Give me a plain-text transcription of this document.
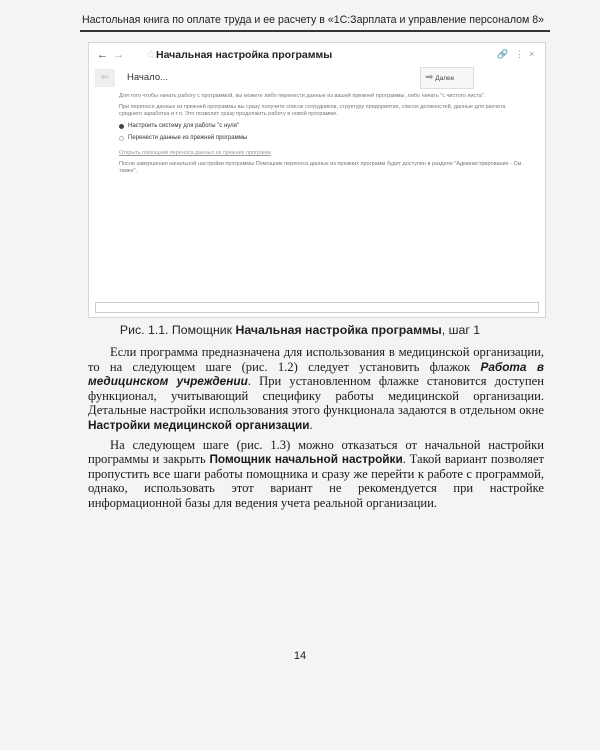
Настольная книга по оплате труда и ее расчету в «1С:Зарплата и управление персоналом 8»
← → ☆ Начальная настройка программы	🔗 ⋮ ×
⇐	Начало...	➡ Далее
Для того чтобы начать работу с программой, вы можете либо перенести данные из вашей прежней программы, либо начать "с чистого листа".
При переносе данных из прежней программы вы сразу получите список сотрудников, структуру предприятия, список должностей, данные для расчета среднего заработка и т.п. Это позволит сразу продолжить работу в новой программе.
Настроить систему для работы "с нуля"
Перенести данные из прежней программы
Открыть помощник переноса данных из прежних программ
После завершения начальной настройки программы Помощник переноса данных из прежних программ будет доступен в разделе "Администрирование - См. также".
Рис. 1.1. Помощник Начальная настройка программы, шаг 1

Если программа предназначена для использования в медицинской организации, то на следующем шаге (рис. 1.2) следует установить флажок Работа в медицинском учреждении. При установленном флажке становится доступен функционал, учитывающий специфику работы медицинской организации. Детальные настройки использования этого функционала задаются в отдельном окне Настройки медицинской организации.

На следующем шаге (рис. 1.3) можно отказаться от начальной настройки программы и закрыть Помощник начальной настройки. Такой вариант позволяет пропустить все шаги работы помощника и сразу же перейти к работе с программой, однако, использовать этот вариант не рекомендуется при настройке информационной базы для ведения учета реальной организации.

14
